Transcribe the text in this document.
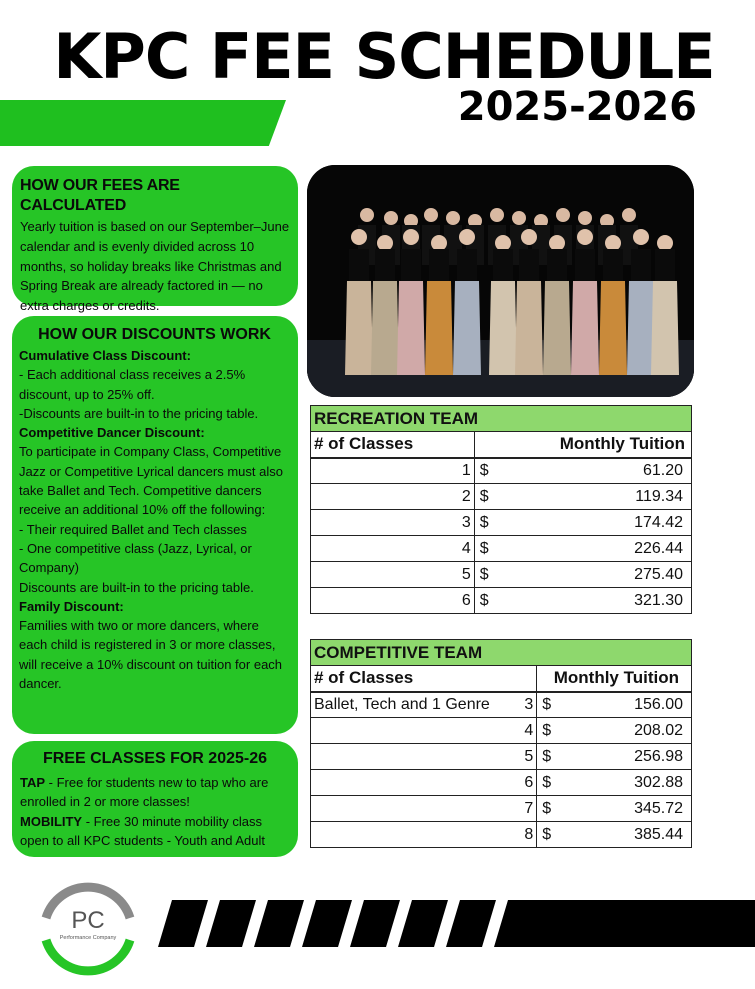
KPC FEE SCHEDULE
2025-2026
HOW OUR FEES ARE CALCULATED

Yearly tuition is based on our September–June calendar and is evenly divided across 10 months, so holiday breaks like Christmas and Spring Break are already factored in — no extra charges or credits.

HOW OUR DISCOUNTS WORK

Cumulative Class Discount:

- Each additional class receives a 2.5% discount, up to 25% off.

-Discounts are built-in to the pricing table.

Competitive Dancer Discount:

To participate in Company Class, Competitive Jazz or Competitive Lyrical dancers must also take Ballet and Tech. Competitive dancers receive an additional 10% off the following:

- Their required Ballet and Tech classes

- One competitive class (Jazz, Lyrical, or Company)

Discounts are built-in to the pricing table.

Family Discount:

Families with two or more dancers, where each child is registered in 3 or more classes, will receive a 10% discount on tuition for each dancer.

FREE CLASSES FOR 2025-26

TAP - Free for students new to tap who are enrolled in 2 or more classes!

MOBILITY - Free 30 minute mobility class open to all KPC students - Youth and Adult

RECREATION TEAM			
# of Classes		Monthly Tuition	
	1	$	61.20
	2	$	119.34
	3	$	174.42
	4	$	226.44
	5	$	275.40
	6	$	321.30
COMPETITIVE TEAM			
# of Classes		Monthly Tuition	
Ballet, Tech and 1 Genre	3	$	156.00
	4	$	208.02
	5	$	256.98
	6	$	302.88
	7	$	345.72
	8	$	385.44
PC
Performance Company
